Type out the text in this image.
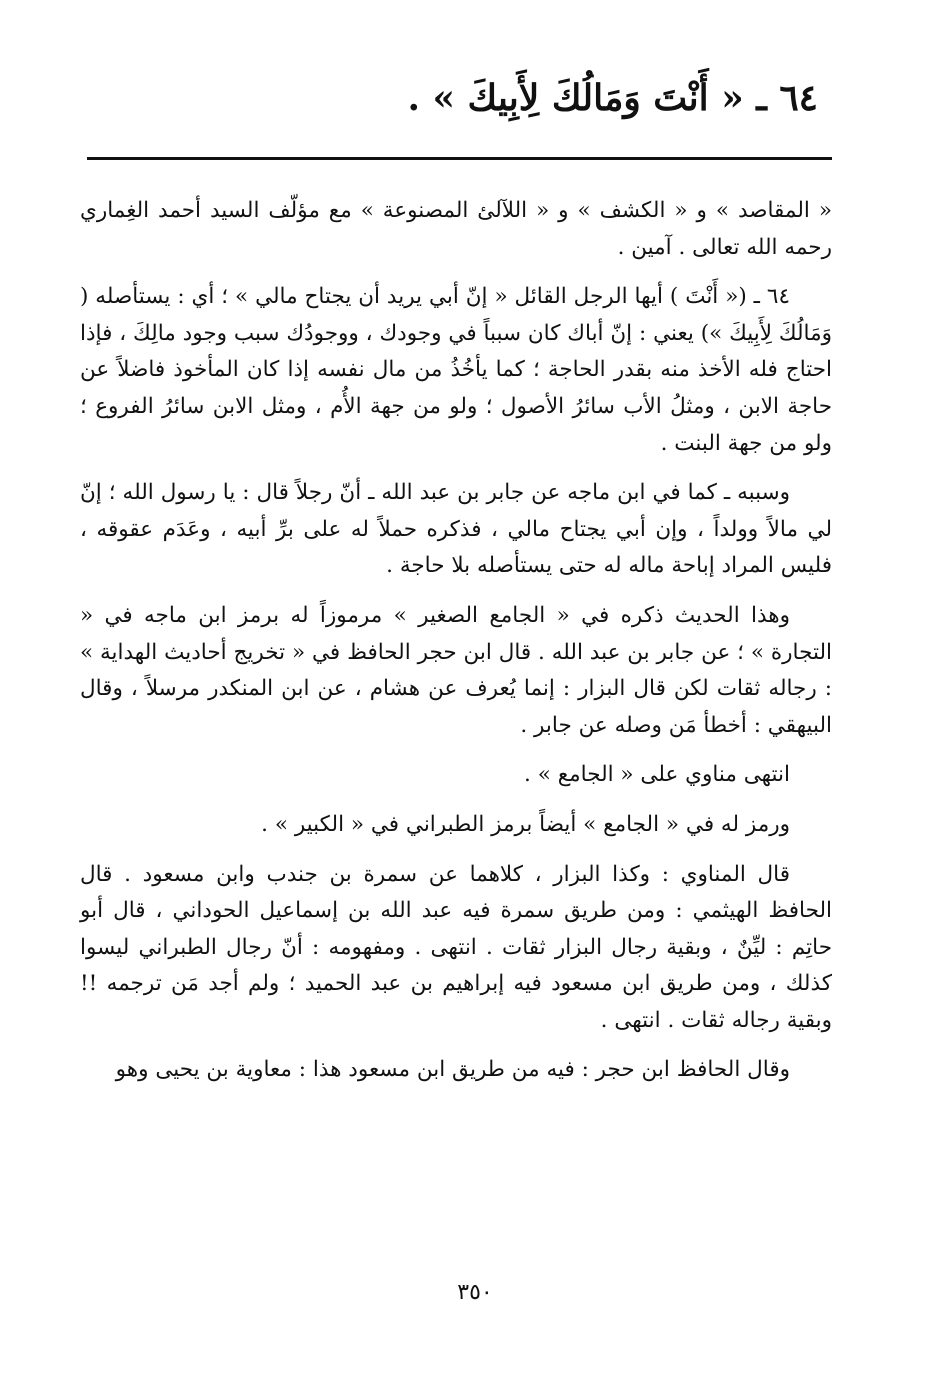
٦٤ ـ « أَنْتَ وَمَالُكَ لِأَبِيكَ » .

« المقاصد » و « الكشف » و « اللآلئ المصنوعة » مع مؤلّف السيد أحمد الغِماري رحمه الله تعالى . آمين .

٦٤ ـ (« أَنْتَ ) أيها الرجل القائل « إنّ أبي يريد أن يجتاح مالي » ؛ أي : يستأصله ( وَمَالُكَ لِأَبِيكَ ») يعني : إنّ أباك كان سبباً في وجودك ، ووجودُك سبب وجود مالِكَ ، فإذا احتاج فله الأخذ منه بقدر الحاجة ؛ كما يأخُذُ من مال نفسه إذا كان المأخوذ فاضلاً عن حاجة الابن ، ومثلُ الأب سائرُ الأصول ؛ ولو من جهة الأُم ، ومثل الابن سائرُ الفروع ؛ ولو من جهة البنت .

وسببه ـ كما في ابن ماجه عن جابر بن عبد الله ـ أنّ رجلاً قال : يا رسول الله ؛ إنّ لي مالاً وولداً ، وإن أبي يجتاح مالي ، فذكره حملاً له على برِّ أبيه ، وعَدَم عقوقه ، فليس المراد إباحة ماله له حتى يستأصله بلا حاجة .

وهذا الحديث ذكره في « الجامع الصغير » مرموزاً له برمز ابن ماجه في « التجارة » ؛ عن جابر بن عبد الله . قال ابن حجر الحافظ في « تخريج أحاديث الهداية » : رجاله ثقات لكن قال البزار : إنما يُعرف عن هشام ، عن ابن المنكدر مرسلاً ، وقال البيهقي : أخطأ مَن وصله عن جابر .

انتهى مناوي على « الجامع » .

ورمز له في « الجامع » أيضاً برمز الطبراني في « الكبير » .

قال المناوي : وكذا البزار ، كلاهما عن سمرة بن جندب وابن مسعود . قال الحافظ الهيثمي : ومن طريق سمرة فيه عبد الله بن إسماعيل الحوداني ، قال أبو حاتِم : ليِّنٌ ، وبقية رجال البزار ثقات . انتهى . ومفهومه : أنّ رجال الطبراني ليسوا كذلك ، ومن طريق ابن مسعود فيه إبراهيم بن عبد الحميد ؛ ولم أجد مَن ترجمه !! وبقية رجاله ثقات . انتهى .

وقال الحافظ ابن حجر : فيه من طريق ابن مسعود هذا : معاوية بن يحيى وهو

٣٥٠
